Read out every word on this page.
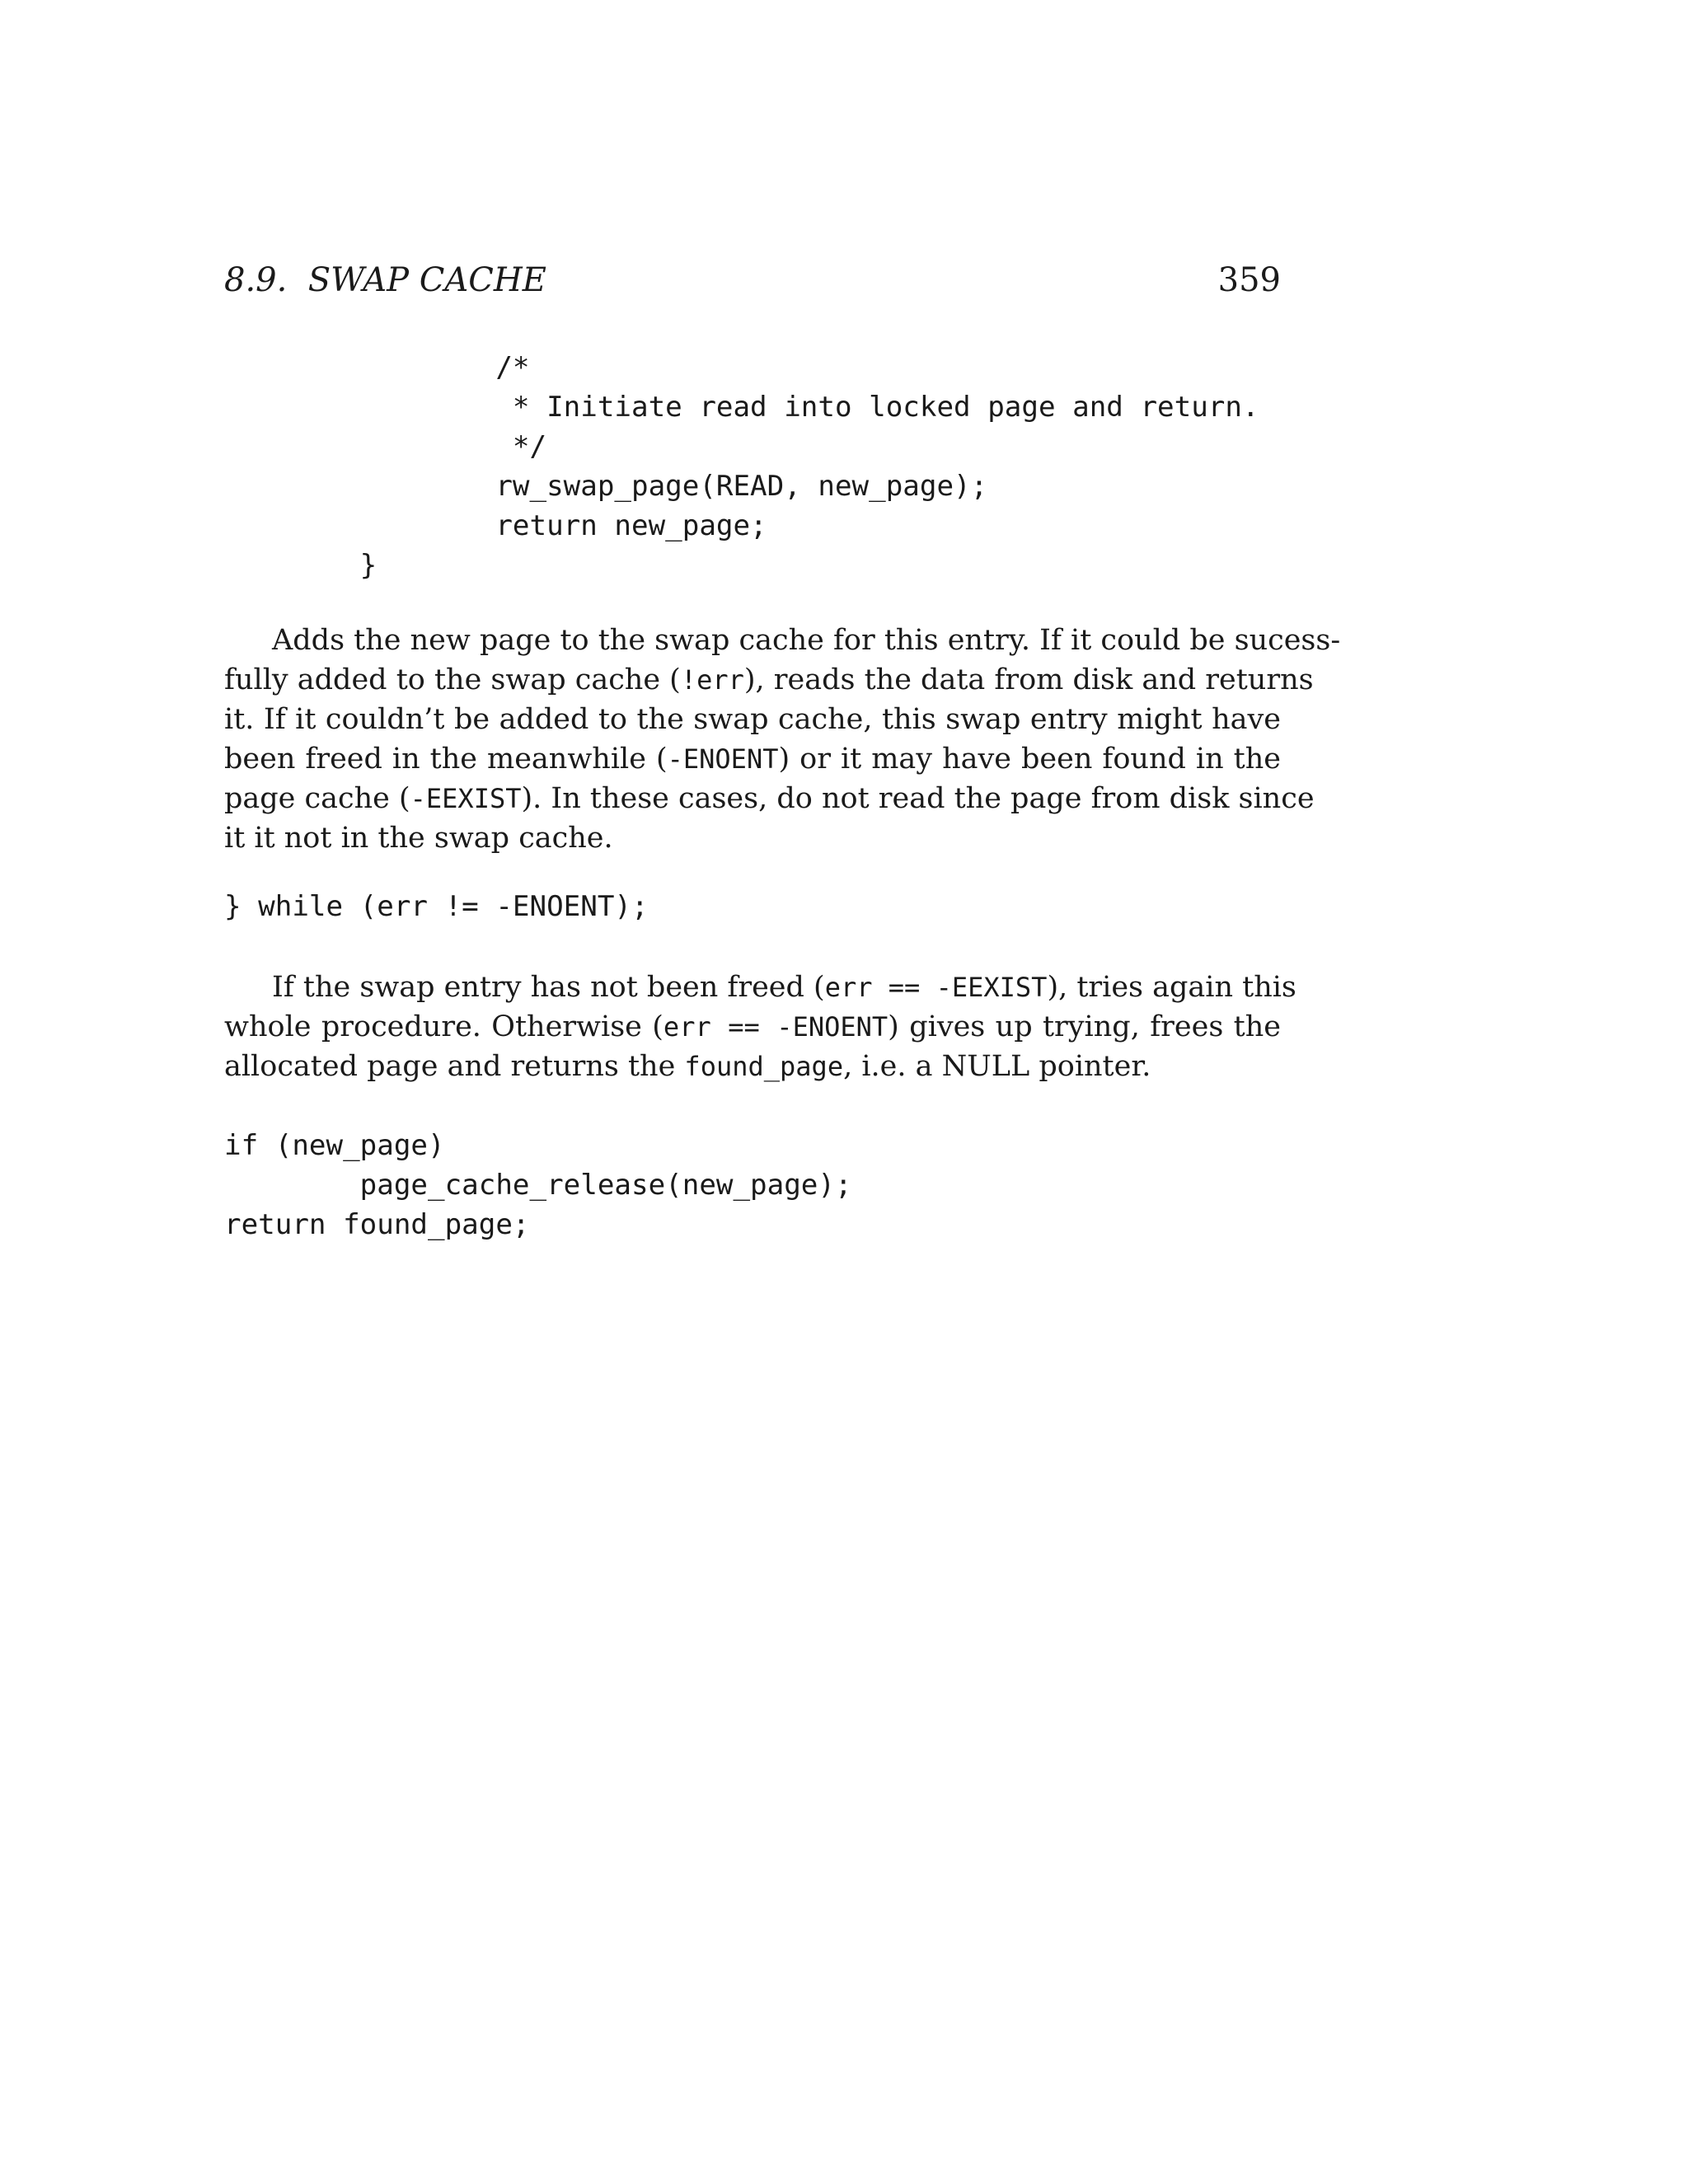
8.9.  SWAP CACHE	359
/*
* Initiate read into locked page and return.
*/
rw_swap_page(READ, new_page);
return new_page;
}
Adds the new page to the swap cache for this entry. If it could be sucess-
fully added to the swap cache (!err), reads the data from disk and returns
it. If it couldn’t be added to the swap cache, this swap entry might have
been freed in the meanwhile (-ENOENT) or it may have been found in the
page cache (-EEXIST). In these cases, do not read the page from disk since
it it not in the swap cache.
} while (err != -ENOENT);
If the swap entry has not been freed (err == -EEXIST), tries again this
whole procedure. Otherwise (err == -ENOENT) gives up trying, frees the
allocated page and returns the found_page, i.e. a NULL pointer.
if (new_page)
page_cache_release(new_page);
return found_page;
